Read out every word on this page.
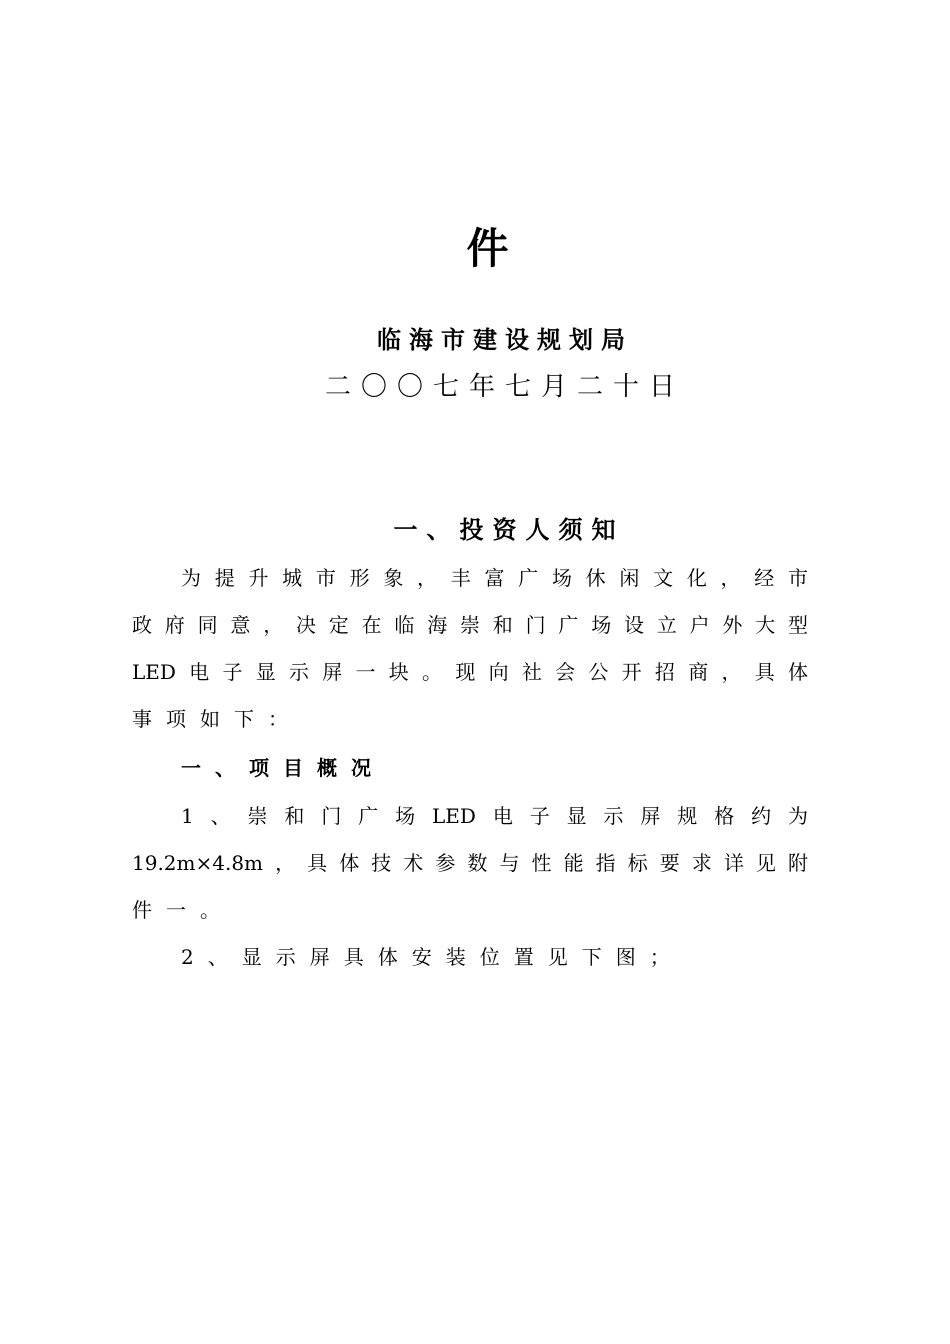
件
临海市建设规划局
二〇〇七年七月二十日
一、投资人须知
为提升城市形象，丰富广场休闲文化，经市
政府同意，决定在临海崇和门广场设立户外大型
LED电子显示屏一块。现向社会公开招商，具体
事项如下：
一、项目概况
1、崇和门广场LED电子显示屏规格约为
19.2m×4.8m，具体技术参数与性能指标要求详见附
件一。
2、显示屏具体安装位置见下图；
